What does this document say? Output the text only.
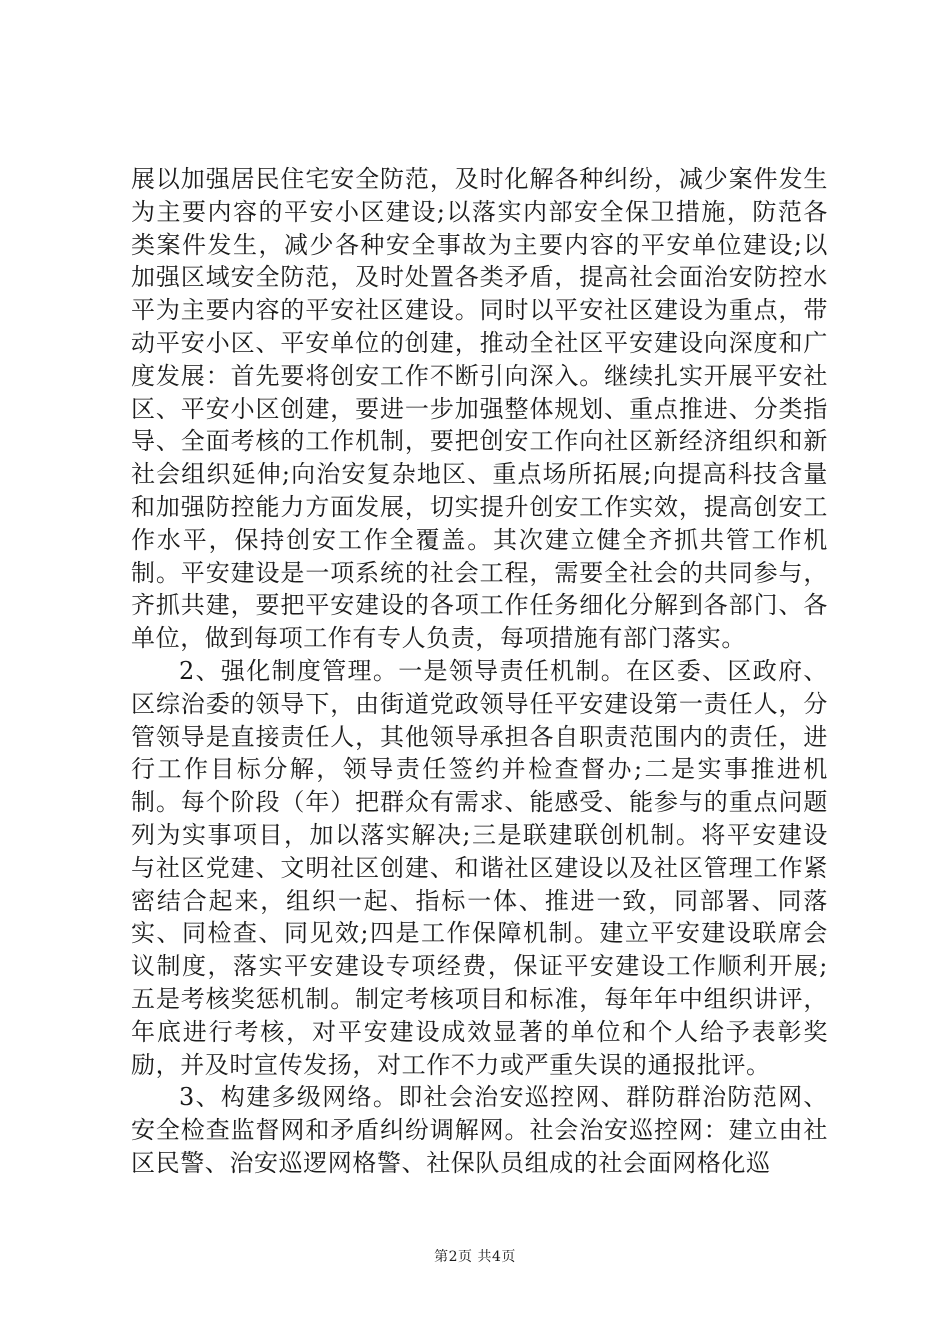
展以加强居民住宅安全防范，及时化解各种纠纷，减少案件发生为主要内容的平安小区建设;以落实内部安全保卫措施，防范各类案件发生，减少各种安全事故为主要内容的平安单位建设;以加强区域安全防范，及时处置各类矛盾，提高社会面治安防控水平为主要内容的平安社区建设。同时以平安社区建设为重点，带动平安小区、平安单位的创建，推动全社区平安建设向深度和广度发展：首先要将创安工作不断引向深入。继续扎实开展平安社区、平安小区创建，要进一步加强整体规划、重点推进、分类指导、全面考核的工作机制，要把创安工作向社区新经济组织和新社会组织延伸;向治安复杂地区、重点场所拓展;向提高科技含量和加强防控能力方面发展，切实提升创安工作实效，提高创安工作水平，保持创安工作全覆盖。其次建立健全齐抓共管工作机制。平安建设是一项系统的社会工程，需要全社会的共同参与，齐抓共建，要把平安建设的各项工作任务细化分解到各部门、各单位，做到每项工作有专人负责，每项措施有部门落实。

2、强化制度管理。一是领导责任机制。在区委、区政府、区综治委的领导下，由街道党政领导任平安建设第一责任人，分管领导是直接责任人，其他领导承担各自职责范围内的责任，进行工作目标分解，领导责任签约并检查督办;二是实事推进机制。每个阶段（年）把群众有需求、能感受、能参与的重点问题列为实事项目，加以落实解决;三是联建联创机制。将平安建设与社区党建、文明社区创建、和谐社区建设以及社区管理工作紧密结合起来，组织一起、指标一体、推进一致，同部署、同落实、同检查、同见效;四是工作保障机制。建立平安建设联席会议制度，落实平安建设专项经费，保证平安建设工作顺利开展;五是考核奖惩机制。制定考核项目和标准，每年年中组织讲评，年底进行考核，对平安建设成效显著的单位和个人给予表彰奖励，并及时宣传发扬，对工作不力或严重失误的通报批评。

3、构建多级网络。即社会治安巡控网、群防群治防范网、安全检查监督网和矛盾纠纷调解网。社会治安巡控网：建立由社区民警、治安巡逻网格警、社保队员组成的社会面网格化巡

第2页 共4页
